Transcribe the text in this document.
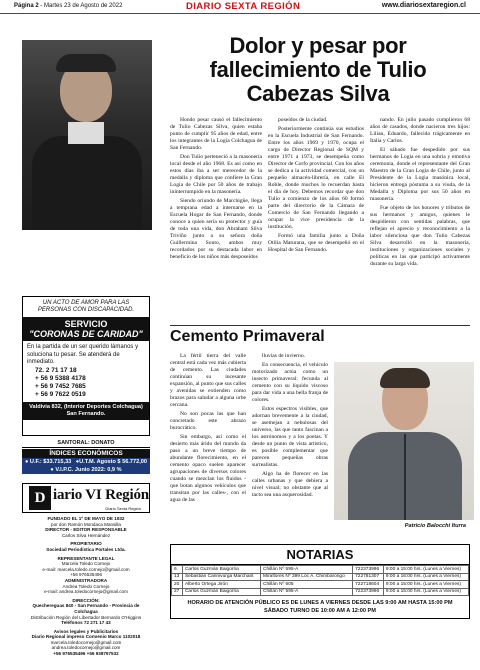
Página 2 - Martes 23 de Agosto de 2022	DIARIO SEXTA REGIÓN	www.diariosextaregion.cl
Dolor y pesar por fallecimiento de Tulio Cabezas Silva

Hondo pesar causó el fallecimiento de Tulio Cabezas Silva, quien estaba punto de cumplir 95 años de edad, entre los integrantes de la Logia Colchagua de San Fernando.

Don Tulio perteneció a la masonería local desde el año 1968. Es así como en estos días iba a ser merecedor de la medalla y diploma que confiere la Gran Logia de Chile por 50 años de trabajo ininterrumpido en la masonería.

Siendo oriundo de Marchigüe, llega a temprana edad a internarse en la Escuela Hogar de San Fernando, donde conoce a quien sería su protector y guía de toda una vida, don Abraham Silva Triviño junto a su señora doña Guillermina Souto, ambos muy recordados por su destacada labor en beneficio de los niños más desposeídos

poseídos de la ciudad.

Posteriormente continúa sus estudios en la Escuela Industrial de San Fernando. Entre los años 1969 y 1970, ocupa el cargo de Director Regional de SQM y entre 1971 a 1973, se desempeña como Director de Corfo provincial. Con los años se dedica a la actividad comercial, con un pequeño almacén-librería, en calle El Roble, donde muchos lo recuerdan hasta el día de hoy. Debemos recordar que don Tulio a comienzo de los años 60 formó parte del directorio de la Cámara de Comercio de San Fernando llegando a ocupar la vice presidencia de la institución.

Formó una familia junto a Doña Otilia Maturana, que se desempeñó en el Hospital de San Fernando.

nando. En julio pasado cumplieron 68 años de casados, donde nacieron tres hijos: Lilian, Eduardo, fallecido trágicamente en Italia y Carlos.

El sábado fue despedido por sus hermanos de Logia en una sobria y emotiva ceremonia, donde el representante del Gran Maestro de la Gran Logia de Chile, junto al Presidente de la Logia masónica local, hicieron entrega póstuma a su viuda, de la Medalla y Diploma por sus 50 años en masonería.

Fue objeto de los honores y tributos de sus hermanos y amigos, quienes le despidieron con sentidas palabras, que reflejan el aprecio y reconocimiento a la labor silenciosa que don Tulio Cabezas Silva desarrolló en la masonería, instituciones y organizaciones sociales y políticas en las que participó activamente durante su larga vida.

UN ACTO DE AMOR PARA LAS PERSONAS CON DISCAPACIDAD.
SERVICIO
"CORONAS DE CARIDAD"
En la partida de un ser querido lámanos y soluciona tu pesar. Se atenderá de inmediato.
72. 2 71 17 18
+ 56 9 5388 4178
+ 56 9 7452 7685
+ 56 9 7622 0519
Valdivia 832, (Interior Deportes Colchagua) San Fernando.
SANTORAL: DONATO
ÍNDICES ECONÓMICOS
● U.F.: $33.715,33 ●U.T.M. Agosto $ 56.772,00
● V.I.P.C. Junio 2022: 0,9 %
D iario VI Región
Diario Sexta Región
FUNDADO EL 1º DE MAYO DE 1932
por don Ramón Mondaca Mansilla
DIRECTOR - EDITOR RESPONSABLE
Carlos Silva Hernández
PROPIETARIO
Sociedad Periodística Portales Ltda.
REPRESENTANTE LEGAL
Marcela Toledo Cornejo
e-mail: marcela.toledo.cornejo@gmail.com
+56 976535496
ADMINISTRADORA
Andrea Toledo Cornejo
e-mail: andrea.toledocornejo@gmail.com
DIRECCIÓN:
Quechereguas 840 - San Fernando - Provincia de Colchagua
Distribución Región del Libertador Bernardo O'Higgins
Teléfonos 72 271 17 43
Avisos legales y Publicitarios
Diario Regional impreso Convenio Marco 1102018
marcela.toledocornejo@gmail.com andrea.toledocornejo@gmail.com
+56 976535496 +56 938797532
Cemento Primaveral

La fértil tierra del valle central está cada vez más cubierta de cemento. Las ciudades continúan su incesante expansión, al punto que sus calles y avenidas se extienden como brazos para saludar a alguna urbe cercana.

No son pocas las que han concretado este abrazo burocrático.

Sin embargo, así como el desierto más árido del mundo da paso a un breve tiempo de abundante florecimiento, en el cemento opaco suelen aparecer agrupaciones de diversos colores cuando se mezclan los fluidos -que botan algunos vehículos que transitan por las calles-, con el agua de las

lluvias de invierno.

En consecuencia, el vehículo motorizado actúa como un insecto primaveral: fecunda al cemento con su líquido viscoso para dar vida a una bella franja de colores.

Estos espectros visibles, que adornan brevemente a la ciudad, se asemejan a nebulosas del universo, las que tanto fascinan a los astrónomos y a los poetas. Y desde un punto de vista artístico, es posible complementar que parecen pequeñas obras surrealistas.

Algo ha de florecer en las calles urbanas y que debiera a nivel visual; no obstante que al tacto sea una asquerosidad.

Patricio Balocchi Iturra
NOTARIAS
6	Carlos Guzmán Baigorria	Chillán Nº 595-A	722373996	9:00 a 15:00 hrs. (Lunes a Viernes)
13	Sebastián Cannivurga Marchant	Miraflores Nº 399 Loc A. Chimbarongo	722781307	9:00 a 16:00 hrs. (Lunes a Viernes)
20	Alberto Ortega Jirón	Chillán Nº 605	722718604	9:00 a 15:00 hrs. (Lunes a Viernes)
27	Carlos Guzmán Baigorria	Chillán Nº 595-A	722373996	9:00 a 15:00 hrs. (Lunes a Viernes)
HORARIO DE ATENCIÓN PÚBLICO ES DE LUNES A VIERNES DESDE LAS 9:00 AM HASTA 15:00 PM
SÁBADO TURNO DE 10:00 AM A 12:00 PM
